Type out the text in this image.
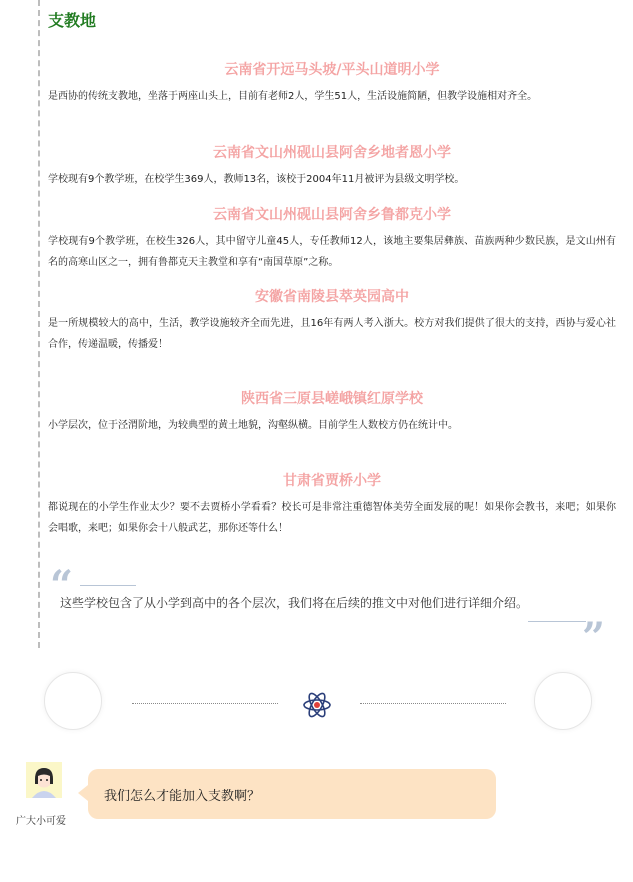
支教地
云南省开远马头坡/平头山道明小学

是西协的传统支教地，坐落于两座山头上，目前有老师2人，学生51人，生活设施简陋，但教学设施相对齐全。

云南省文山州砚山县阿舍乡地者恩小学

学校现有9个教学班，在校学生369人，教师13名，该校于2004年11月被评为县级文明学校。

云南省文山州砚山县阿舍乡鲁都克小学

学校现有9个教学班，在校生326人，其中留守儿童45人，专任教师12人，该地主要集居彝族、苗族两种少数民族，是文山州有名的高寒山区之一，拥有鲁都克天主教堂和享有“南国草原”之称。

安徽省南陵县萃英园高中

是一所规模较大的高中，生活，教学设施较齐全而先进，且16年有两人考入浙大。校方对我们提供了很大的支持，西协与爱心社合作，传递温暖，传播爱！

陕西省三原县嵯峨镇红原学校

小学层次，位于泾渭阶地，为较典型的黄土地貌，沟壑纵横。目前学生人数校方仍在统计中。

甘肃省贾桥小学

都说现在的小学生作业太少？要不去贾桥小学看看？校长可是非常注重德智体美劳全面发展的呢！如果你会教书，来吧；如果你会唱歌，来吧；如果你会十八般武艺，那你还等什么！

“

这些学校包含了从小学到高中的各个层次，我们将在后续的推文中对他们进行详细介绍。

”
广大小可爱
我们怎么才能加入支教啊？
